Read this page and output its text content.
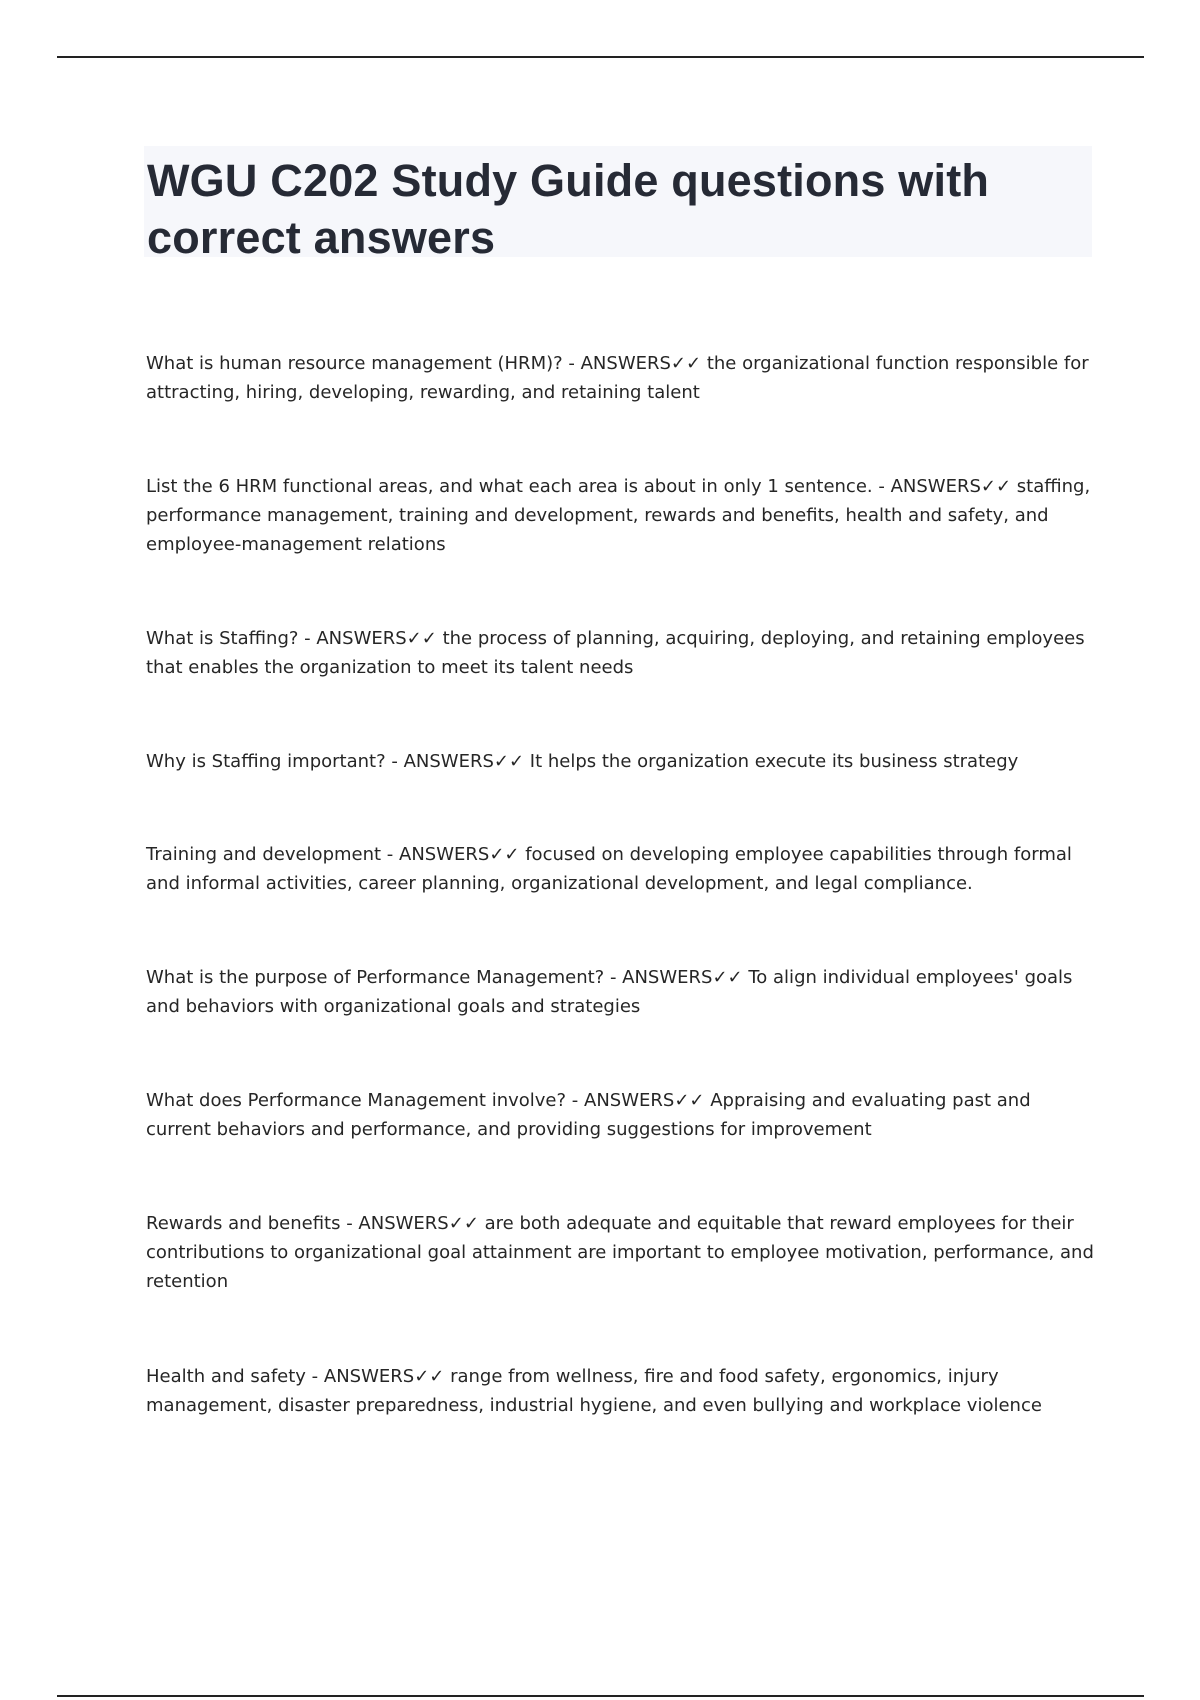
WGU C202 Study Guide questions with correct answers

What is human resource management (HRM)? - ANSWERS✓✓ the organizational function responsible for attracting, hiring, developing, rewarding, and retaining talent

List the 6 HRM functional areas, and what each area is about in only 1 sentence. - ANSWERS✓✓ staffing, performance management, training and development, rewards and benefits, health and safety, and employee-management relations

What is Staffing? - ANSWERS✓✓ the process of planning, acquiring, deploying, and retaining employees that enables the organization to meet its talent needs

Why is Staffing important? - ANSWERS✓✓ It helps the organization execute its business strategy

Training and development - ANSWERS✓✓ focused on developing employee capabilities through formal and informal activities, career planning, organizational development, and legal compliance.

What is the purpose of Performance Management? - ANSWERS✓✓ To align individual employees' goals and behaviors with organizational goals and strategies

What does Performance Management involve? - ANSWERS✓✓ Appraising and evaluating past and current behaviors and performance, and providing suggestions for improvement

Rewards and benefits - ANSWERS✓✓ are both adequate and equitable that reward employees for their contributions to organizational goal attainment are important to employee motivation, performance, and retention

Health and safety - ANSWERS✓✓ range from wellness, fire and food safety, ergonomics, injury management, disaster preparedness, industrial hygiene, and even bullying and workplace violence
